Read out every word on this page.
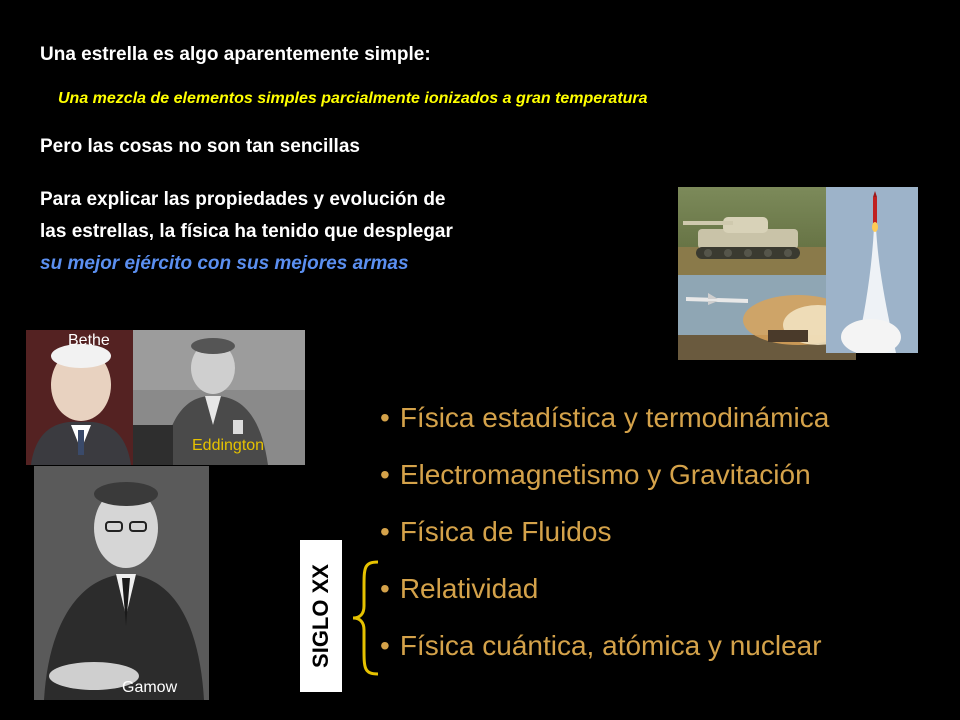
Una estrella es algo aparentemente simple:
Una mezcla de elementos simples parcialmente ionizados a gran temperatura
Pero las cosas no son tan sencillas
Para explicar las propiedades y evolución de
las estrellas, la física ha tenido que desplegar
su mejor ejército con sus mejores armas
Bethe
Eddington
Gamow
• Física estadística y termodinámica
• Electromagnetismo y Gravitación
• Física de Fluidos
• Relatividad
• Física cuántica, atómica y nuclear
SIGLO XX
